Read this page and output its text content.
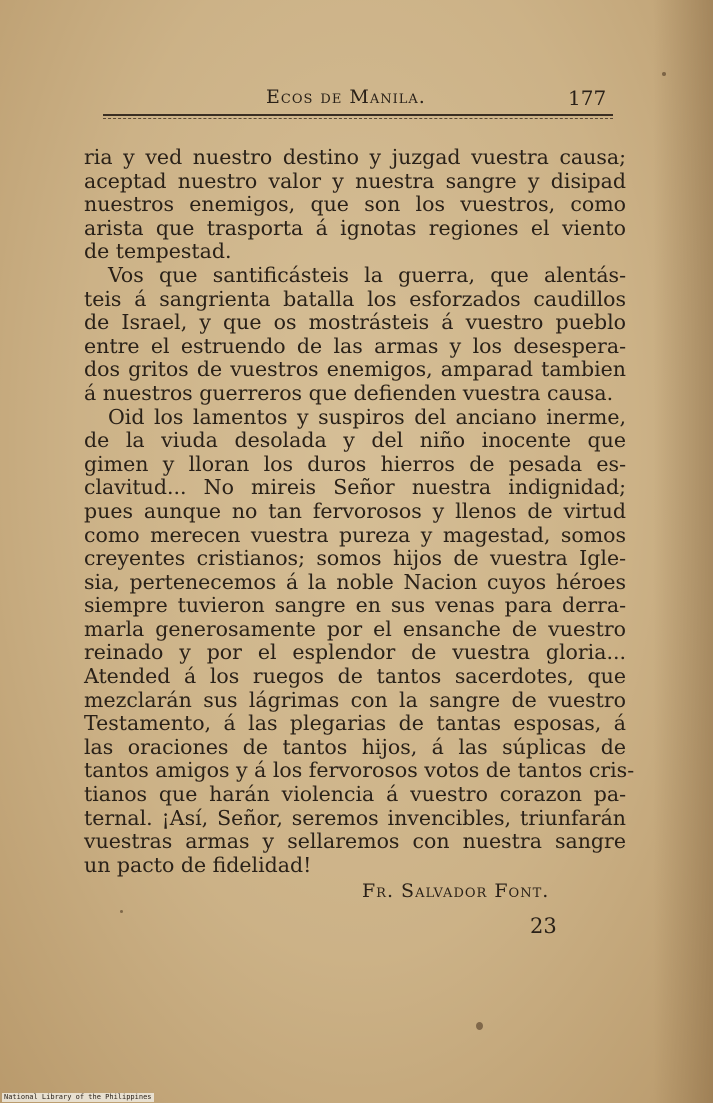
Ecos de Manila.	177
ria y ved nuestro destino y juzgad vuestra causa;
aceptad nuestro valor y nuestra sangre y disipad
nuestros enemigos, que son los vuestros, como
arista que trasporta á ignotas regiones el viento
de tempestad.
Vos que santificásteis la guerra, que alentás-
teis á sangrienta batalla los esforzados caudillos
de Israel, y que os mostrásteis á vuestro pueblo
entre el estruendo de las armas y los desespera-
dos gritos de vuestros enemigos, amparad tambien
á nuestros guerreros que defienden vuestra causa.
Oid los lamentos y suspiros del anciano inerme,
de la viuda desolada y del niño inocente que
gimen y lloran los duros hierros de pesada es-
clavitud... No mireis Señor nuestra indignidad;
pues aunque no tan fervorosos y llenos de virtud
como merecen vuestra pureza y magestad, somos
creyentes cristianos; somos hijos de vuestra Igle-
sia, pertenecemos á la noble Nacion cuyos héroes
siempre tuvieron sangre en sus venas para derra-
marla generosamente por el ensanche de vuestro
reinado y por el esplendor de vuestra gloria...
Atended á los ruegos de tantos sacerdotes, que
mezclarán sus lágrimas con la sangre de vuestro
Testamento, á las plegarias de tantas esposas, á
las oraciones de tantos hijos, á las súplicas de
tantos amigos y á los fervorosos votos de tantos cris-
tianos que harán violencia á vuestro corazon pa-
ternal. ¡Así, Señor, seremos invencibles, triunfarán
vuestras armas y sellaremos con nuestra sangre
un pacto de fidelidad!
Fr. Salvador Font.
23
National Library of the Philippines
